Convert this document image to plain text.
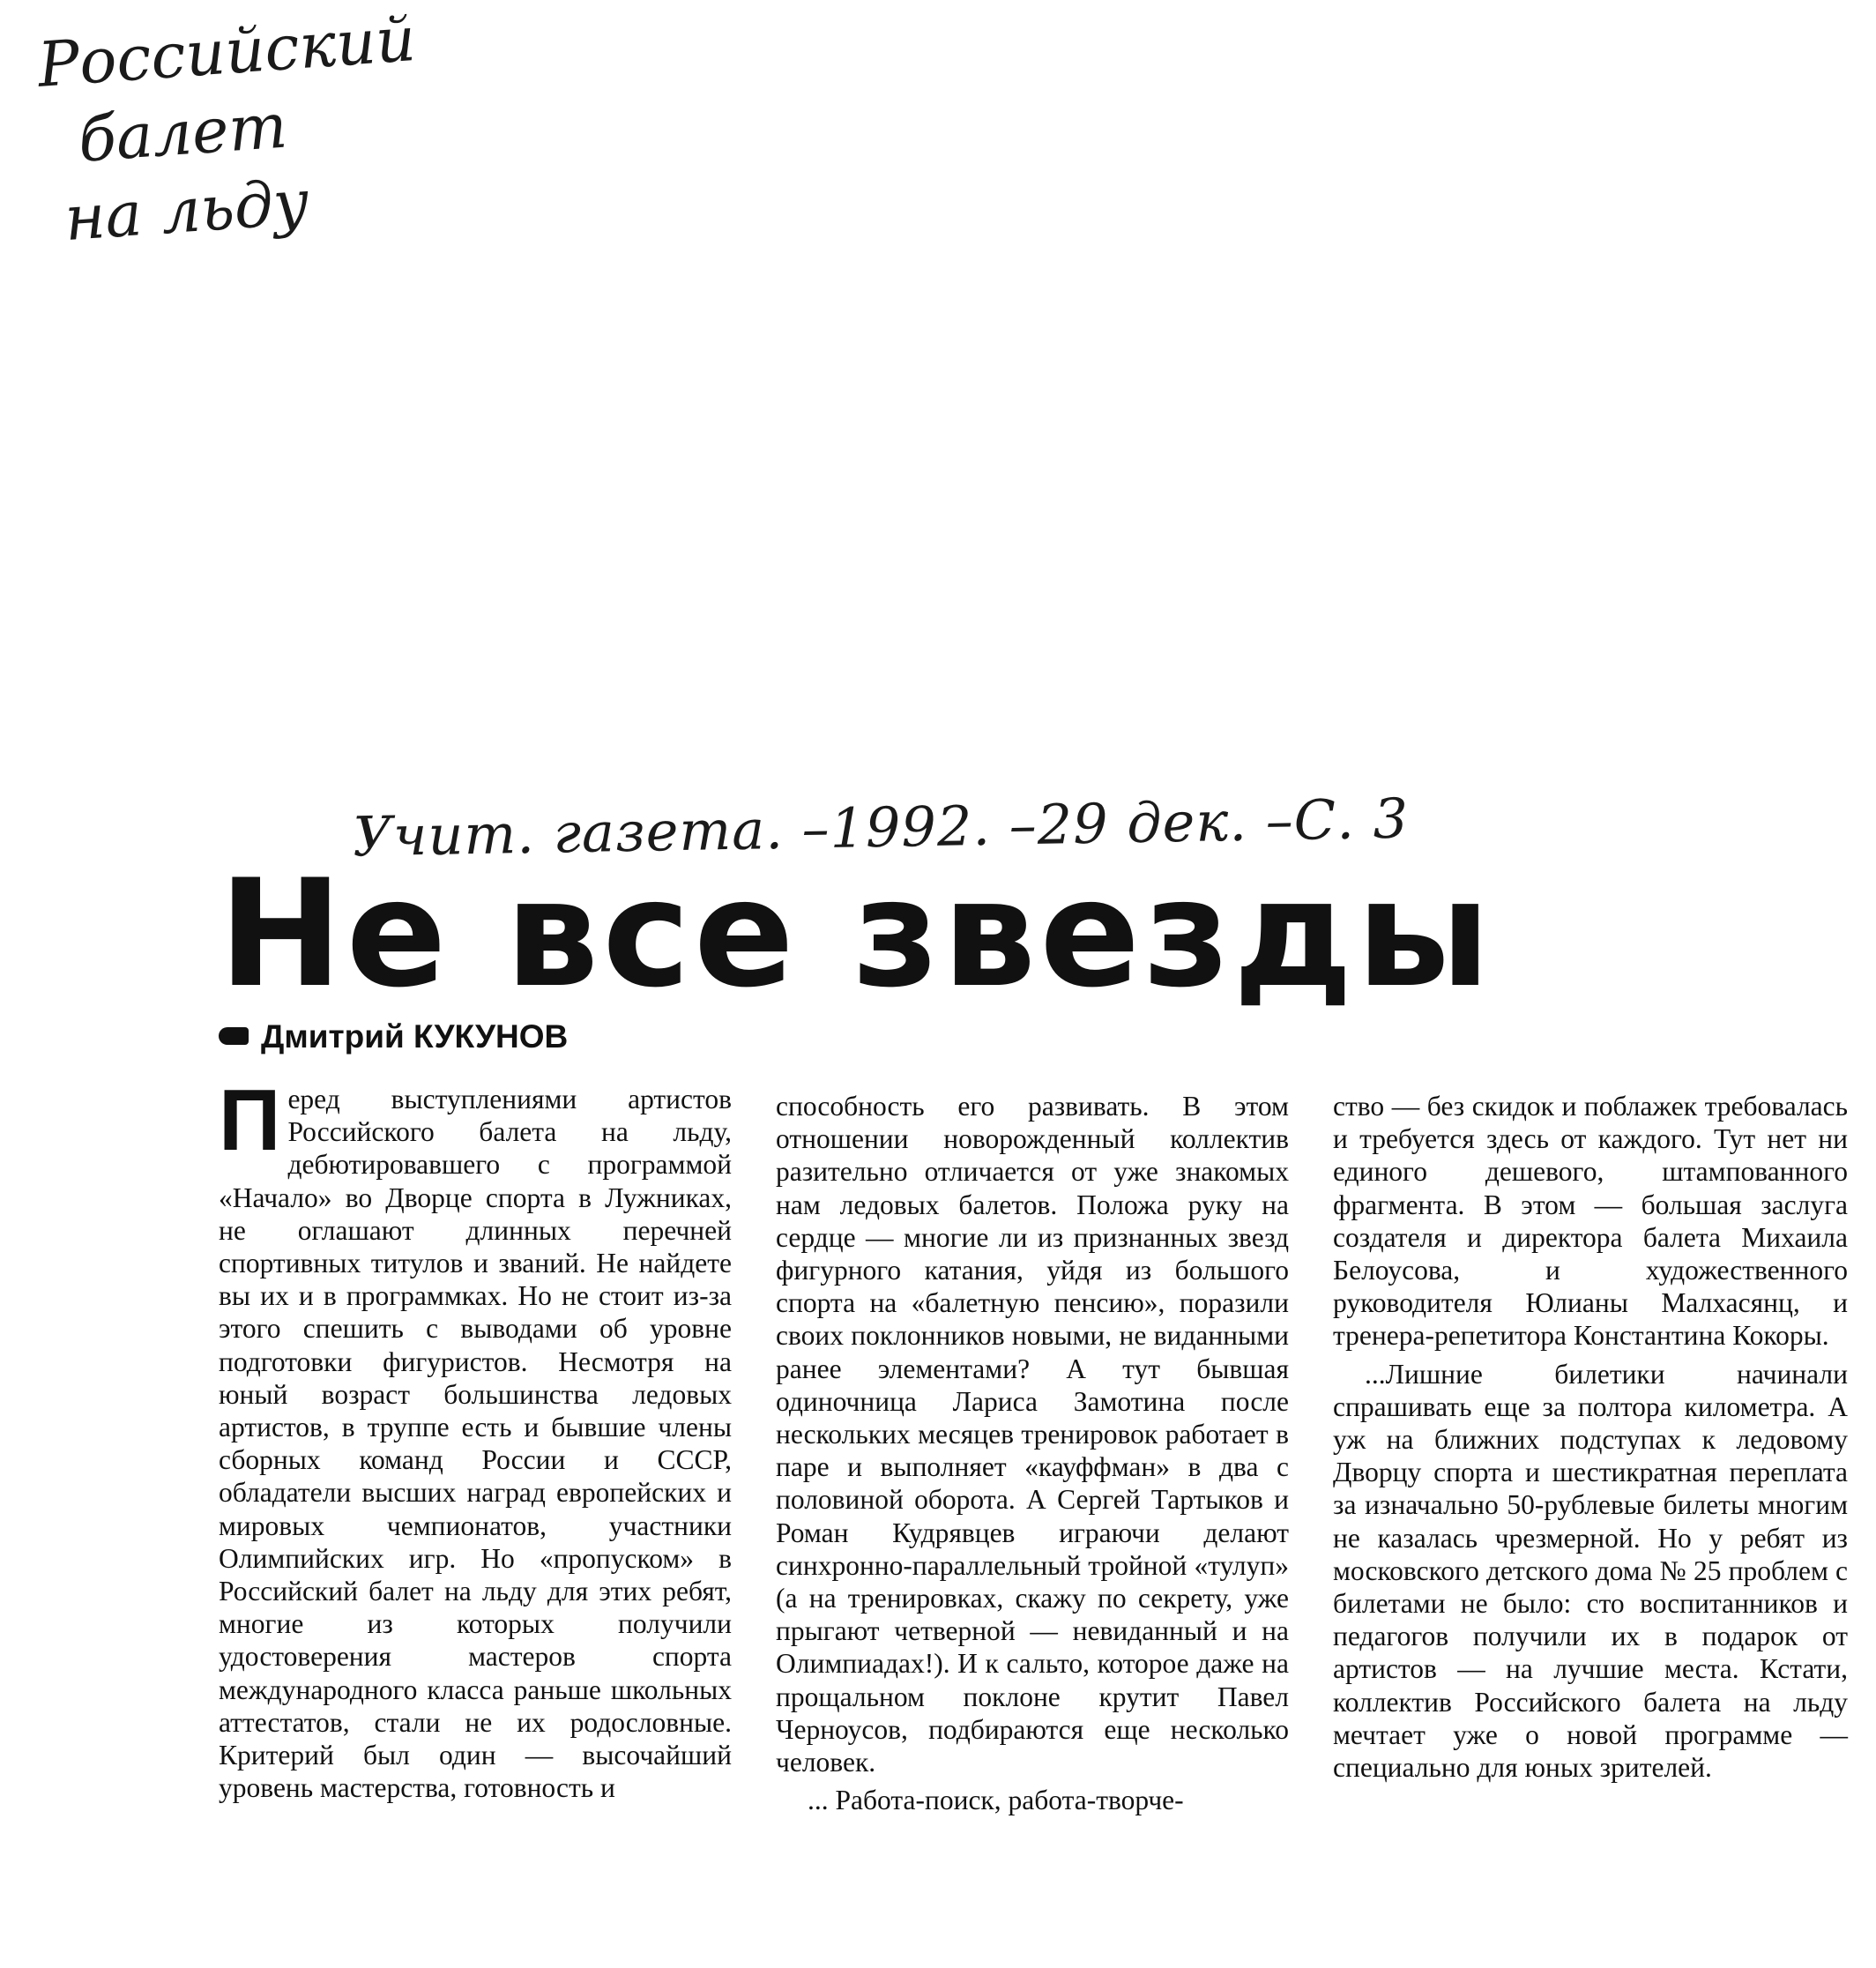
Российский
балет
на льду
Учит. газета. –1992. –29 дек. –С. 3
Не все звезды
Дмитрий КУКУНОВ

Перед выступлениями артистов Российского балета на льду, дебютировавшего с программой «Начало» во Дворце спорта в Лужниках, не оглашают длинных перечней спортивных титулов и званий. Не найдете вы их и в программках. Но не стоит из-за этого спешить с выводами об уровне подготовки фигуристов. Несмотря на юный возраст большинства ледовых артистов, в труппе есть и бывшие члены сборных команд России и СССР, обладатели высших наград европейских и мировых чемпионатов, участники Олимпийских игр. Но «пропуском» в Российский балет на льду для этих ребят, многие из которых получили удостоверения мастеров спорта международного класса раньше школьных аттестатов, стали не их родословные. Критерий был один — высочайший уровень мастерства, готовность и

способность его развивать. В этом отношении новорожденный коллектив разительно отличается от уже знакомых нам ледовых балетов. Положа руку на сердце — многие ли из признанных звезд фигурного катания, уйдя из большого спорта на «балетную пенсию», поразили своих поклонников новыми, не виданными ранее элементами? А тут бывшая одиночница Лариса Замотина после нескольких месяцев тренировок работает в паре и выполняет «кауффман» в два с половиной оборота. А Сергей Тартыков и Роман Кудрявцев играючи делают синхронно-параллельный тройной «тулуп» (а на тренировках, скажу по секрету, уже прыгают четверной — невиданный и на Олимпиадах!). И к сальто, которое даже на прощальном поклоне крутит Павел Черноусов, подбираются еще несколько человек.

... Работа-поиск, работа-творче-

ство — без скидок и поблажек требовалась и требуется здесь от каждого. Тут нет ни единого дешевого, штампованного фрагмента. В этом — большая заслуга создателя и директора балета Михаила Белоусова, и художественного руководителя Юлианы Малхасянц, и тренера-репетитора Константина Кокоры.

...Лишние билетики начинали спрашивать еще за полтора километра. А уж на ближних подступах к ледовому Дворцу спорта и шестикратная переплата за изначально 50-рублевые билеты многим не казалась чрезмерной. Но у ребят из московского детского дома № 25 проблем с билетами не было: сто воспитанников и педагогов получили их в подарок от артистов — на лучшие места. Кстати, коллектив Российского балета на льду мечтает уже о новой программе — специально для юных зрителей.
